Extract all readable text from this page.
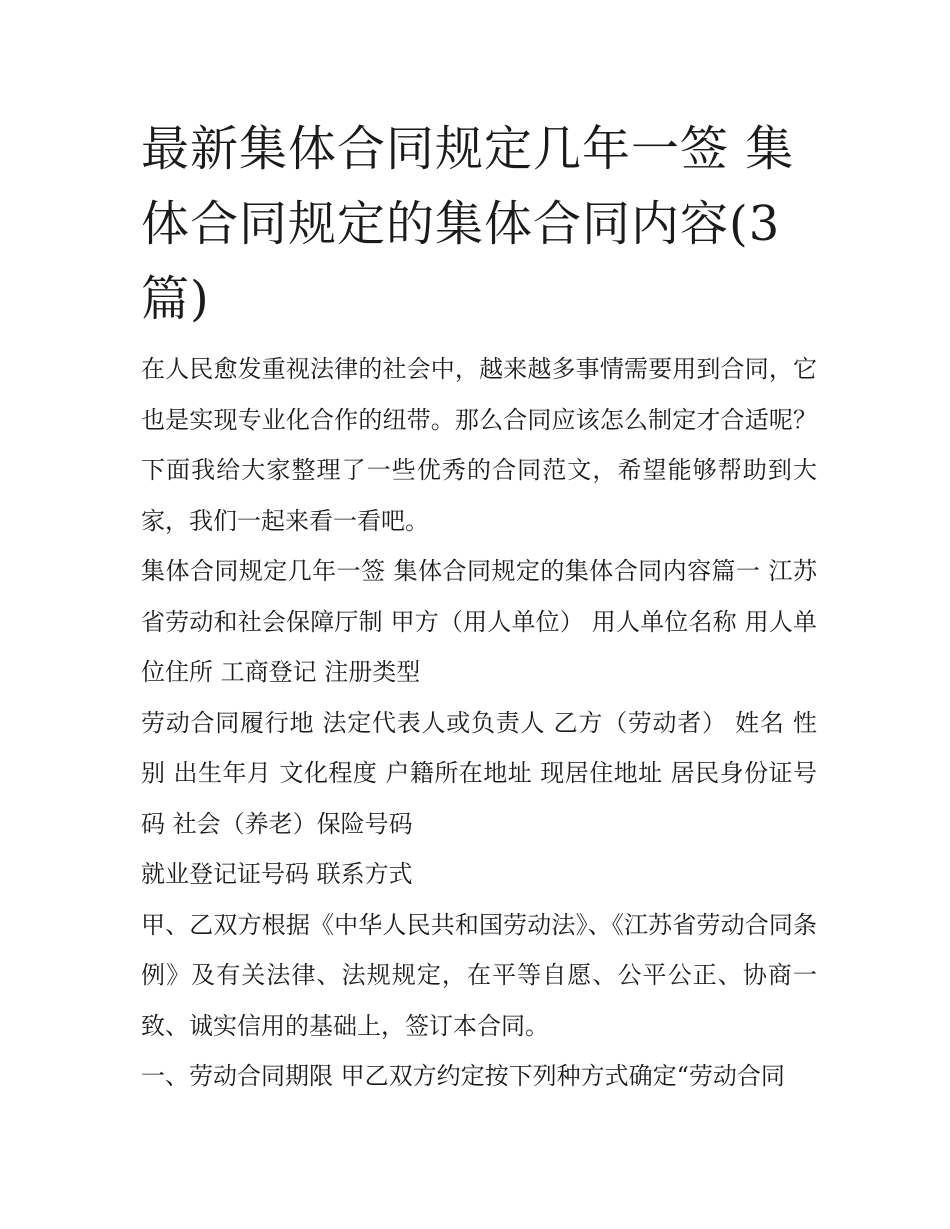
最新集体合同规定几年一签 集体合同规定的集体合同内容(3篇)

在人民愈发重视法律的社会中，越来越多事情需要用到合同，它也是实现专业化合作的纽带。那么合同应该怎么制定才合适呢？下面我给大家整理了一些优秀的合同范文，希望能够帮助到大家，我们一起来看一看吧。

集体合同规定几年一签 集体合同规定的集体合同内容篇一 江苏省劳动和社会保障厅制 甲方（用人单位） 用人单位名称 用人单位住所 工商登记 注册类型

劳动合同履行地 法定代表人或负责人 乙方（劳动者） 姓名 性别 出生年月 文化程度 户籍所在地址 现居住地址 居民身份证号码 社会（养老）保险号码

就业登记证号码 联系方式

甲、乙双方根据《中华人民共和国劳动法》、《江苏省劳动合同条例》及有关法律、法规规定，在平等自愿、公平公正、协商一致、诚实信用的基础上，签订本合同。

一、劳动合同期限 甲乙双方约定按下列种方式确定“劳动合同
